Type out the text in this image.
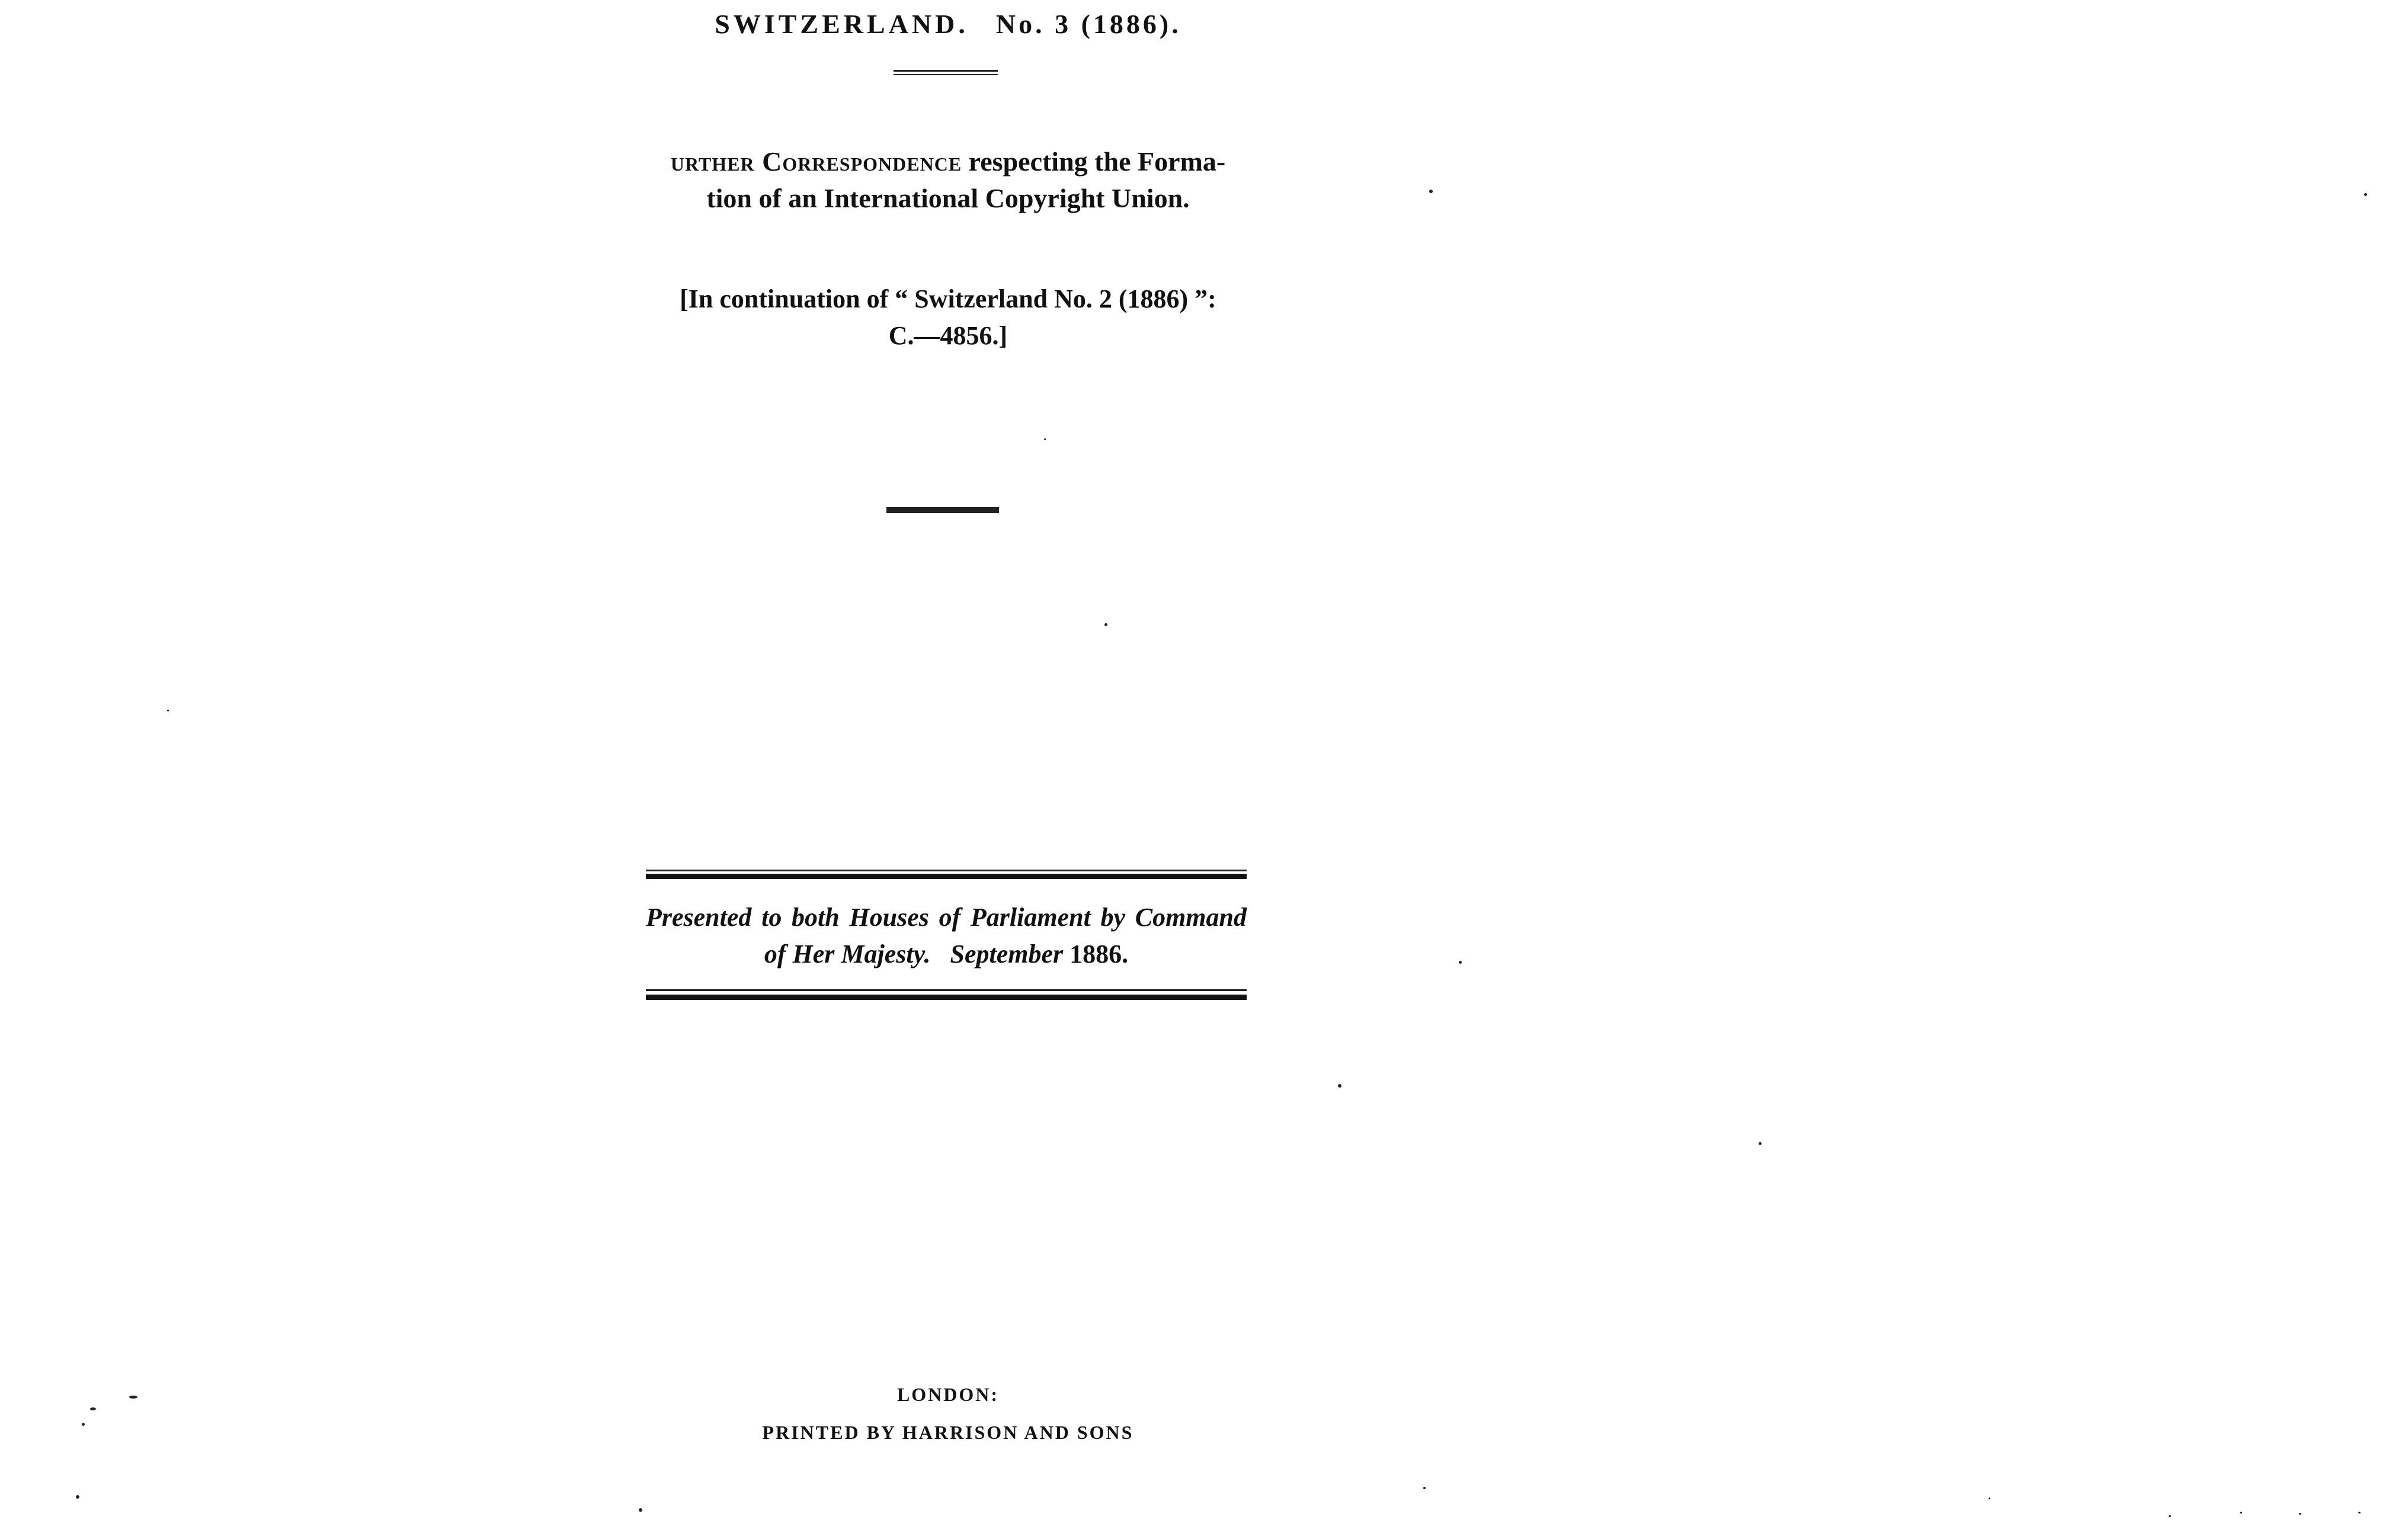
SWITZERLAND. No. 3 (1886).
urther Correspondence respecting the Forma-
tion of an International Copyright Union.
[In continuation of “ Switzerland No. 2 (1886) ”:
C.—4856.]
Presented to both Houses of Parliament by Command of Her Majesty. September 1886.
LONDON:
PRINTED BY HARRISON AND SONS
